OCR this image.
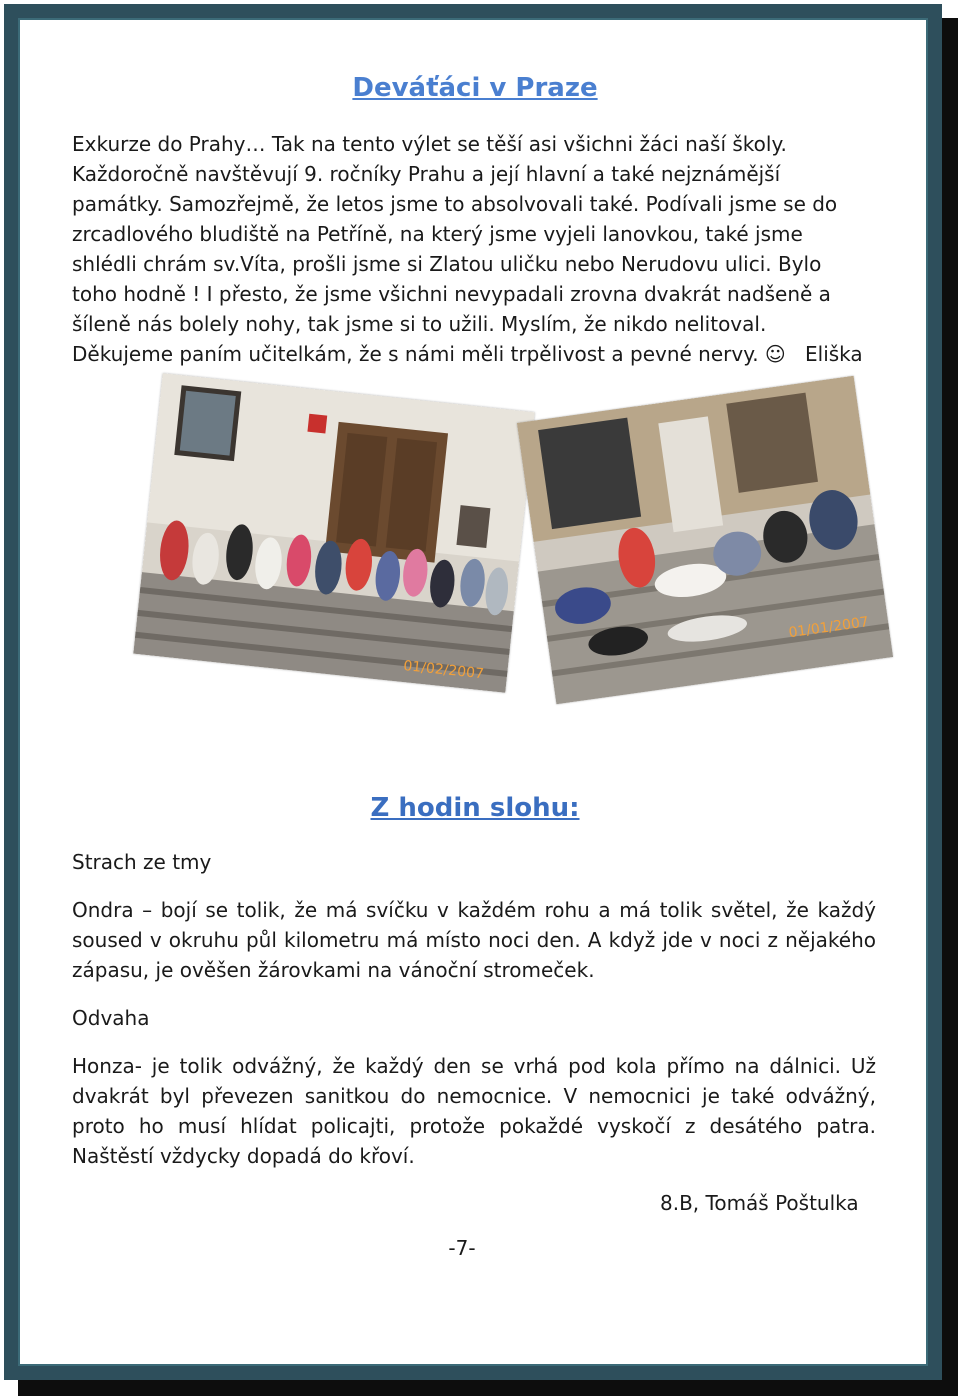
Deváťáci v Praze

Exkurze do Prahy… Tak na tento výlet se těší asi všichni žáci naší školy. Každoročně navštěvují 9. ročníky Prahu a její hlavní a také nejznámější památky. Samozřejmě, že letos jsme to absolvovali také. Podívali jsme se do zrcadlového bludiště na Petříně, na který jsme vyjeli lanovkou, také jsme shlédli chrám sv.Víta, prošli jsme si Zlatou uličku nebo Nerudovu ulici. Bylo toho hodně ! I přesto, že jsme všichni nevypadali zrovna dvakrát nadšeně a šíleně nás bolely nohy, tak jsme si to užili. Myslím, že nikdo nelitoval. Děkujeme paním učitelkám, že s námi měli trpělivost a pevné nervy. ☺ Eliška
01/02/2007
01/01/2007
Z hodin slohu:

Strach ze tmy

Ondra – bojí se tolik, že má svíčku v každém rohu a má tolik světel, že každý soused v okruhu půl kilometru má místo noci den. A když jde v noci z nějakého zápasu, je ověšen žárovkami na vánoční stromeček.

Odvaha

Honza- je tolik odvážný, že každý den se vrhá pod kola přímo na dálnici. Už dvakrát byl převezen sanitkou do nemocnice. V nemocnici je také odvážný, proto ho musí hlídat policajti, protože pokaždé vyskočí z desátého patra. Naštěstí vždycky dopadá do křoví.

8.B, Tomáš Poštulka
-7-
